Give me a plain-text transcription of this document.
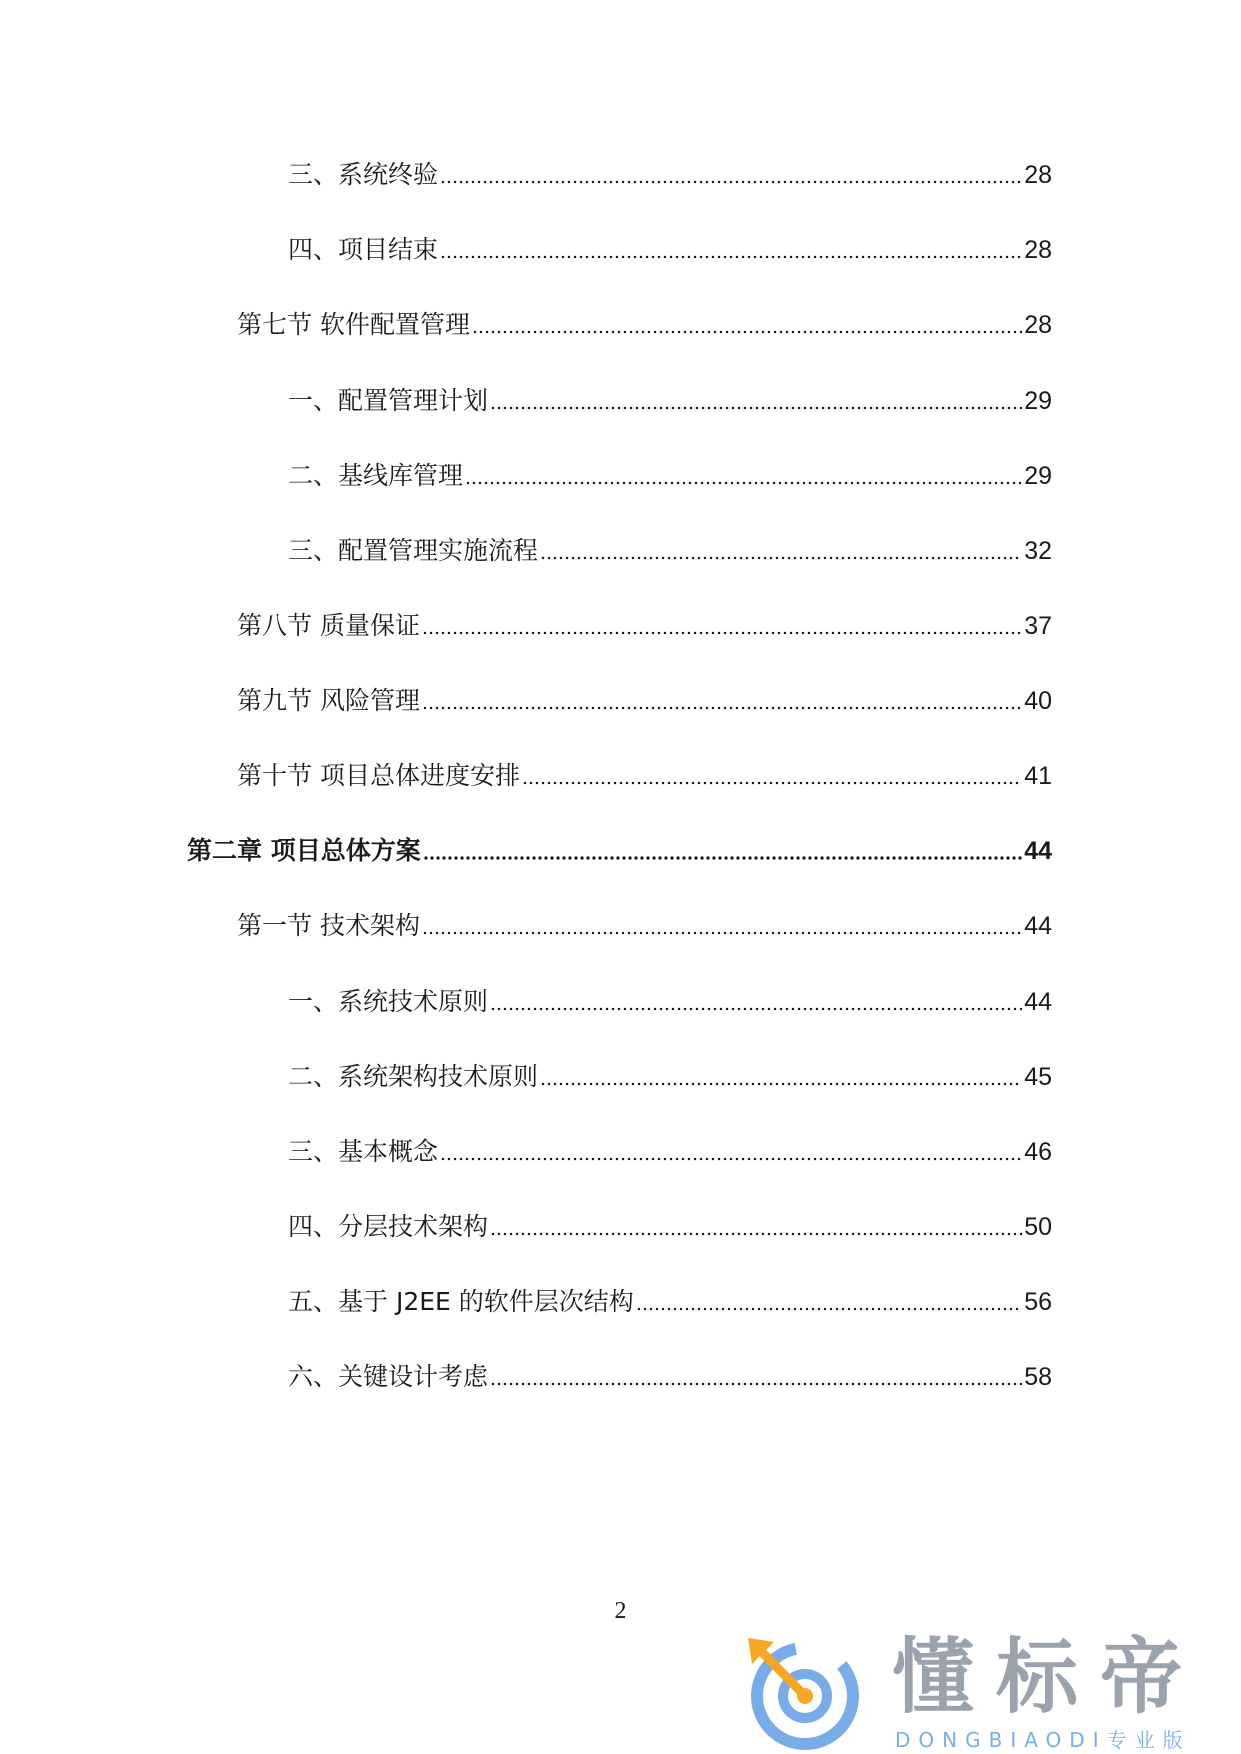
三、系统终验	28
四、项目结束	28
第七节 软件配置管理	28
一、配置管理计划	29
二、基线库管理	29
三、配置管理实施流程	32
第八节 质量保证	37
第九节 风险管理	40
第十节 项目总体进度安排	41
第二章 项目总体方案	44
第一节 技术架构	44
一、系统技术原则	44
二、系统架构技术原则	45
三、基本概念	46
四、分层技术架构	50
五、基于 J2EE 的软件层次结构	56
六、关键设计考虑	58
2
懂标帝
DONGBIAODI专业版
